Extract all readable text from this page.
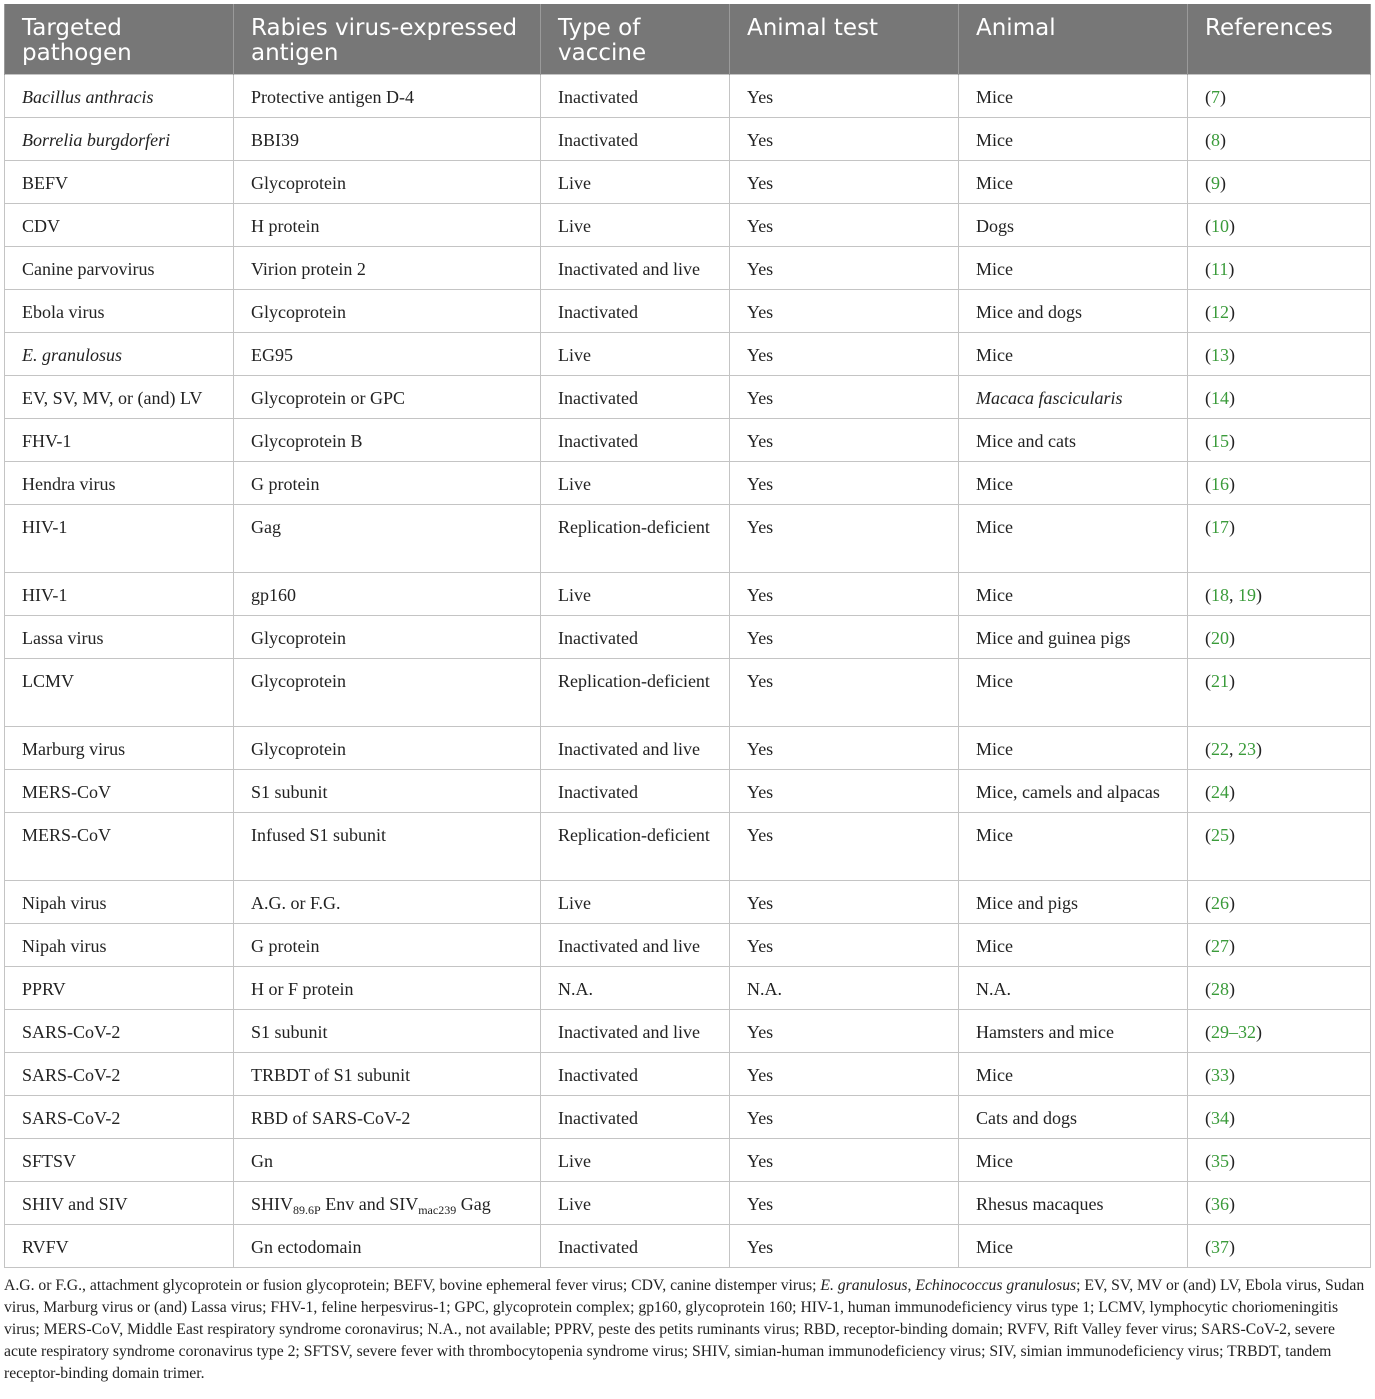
Targeted pathogen	Rabies virus-expressed antigen	Type of vaccine	Animal test	Animal	References
Bacillus anthracis	Protective antigen D-4	Inactivated	Yes	Mice	(7)
Borrelia burgdorferi	BBI39	Inactivated	Yes	Mice	(8)
BEFV	Glycoprotein	Live	Yes	Mice	(9)
CDV	H protein	Live	Yes	Dogs	(10)
Canine parvovirus	Virion protein 2	Inactivated and live	Yes	Mice	(11)
Ebola virus	Glycoprotein	Inactivated	Yes	Mice and dogs	(12)
E. granulosus	EG95	Live	Yes	Mice	(13)
EV, SV, MV, or (and) LV	Glycoprotein or GPC	Inactivated	Yes	Macaca fascicularis	(14)
FHV-1	Glycoprotein B	Inactivated	Yes	Mice and cats	(15)
Hendra virus	G protein	Live	Yes	Mice	(16)
HIV-1	Gag	Replication-deficient	Yes	Mice	(17)
HIV-1	gp160	Live	Yes	Mice	(18, 19)
Lassa virus	Glycoprotein	Inactivated	Yes	Mice and guinea pigs	(20)
LCMV	Glycoprotein	Replication-deficient	Yes	Mice	(21)
Marburg virus	Glycoprotein	Inactivated and live	Yes	Mice	(22, 23)
MERS-CoV	S1 subunit	Inactivated	Yes	Mice, camels and alpacas	(24)
MERS-CoV	Infused S1 subunit	Replication-deficient	Yes	Mice	(25)
Nipah virus	A.G. or F.G.	Live	Yes	Mice and pigs	(26)
Nipah virus	G protein	Inactivated and live	Yes	Mice	(27)
PPRV	H or F protein	N.A.	N.A.	N.A.	(28)
SARS-CoV-2	S1 subunit	Inactivated and live	Yes	Hamsters and mice	(29–32)
SARS-CoV-2	TRBDT of S1 subunit	Inactivated	Yes	Mice	(33)
SARS-CoV-2	RBD of SARS-CoV-2	Inactivated	Yes	Cats and dogs	(34)
SFTSV	Gn	Live	Yes	Mice	(35)
SHIV and SIV	$SHIV_{89.6P}$ Env and $SIV_{mac239}$ Gag	Live	Yes	Rhesus macaques	(36)
RVFV	Gn ectodomain	Inactivated	Yes	Mice	(37)

A.G. or F.G., attachment glycoprotein or fusion glycoprotein; BEFV, bovine ephemeral fever virus; CDV, canine distemper virus; E. granulosus, Echinococcus granulosus; EV, SV, MV or (and) LV, Ebola virus, Sudan virus, Marburg virus or (and) Lassa virus; FHV-1, feline herpesvirus-1; GPC, glycoprotein complex; gp160, glycoprotein 160; HIV-1, human immunodeficiency virus type 1; LCMV, lymphocytic choriomeningitis virus; MERS-CoV, Middle East respiratory syndrome coronavirus; N.A., not available; PPRV, peste des petits ruminants virus; RBD, receptor-binding domain; RVFV, Rift Valley fever virus; SARS-CoV-2, severe acute respiratory syndrome coronavirus type 2; SFTSV, severe fever with thrombocytopenia syndrome virus; SHIV, simian-human immunodeficiency virus; SIV, simian immunodeficiency virus; TRBDT, tandem receptor-binding domain trimer.
